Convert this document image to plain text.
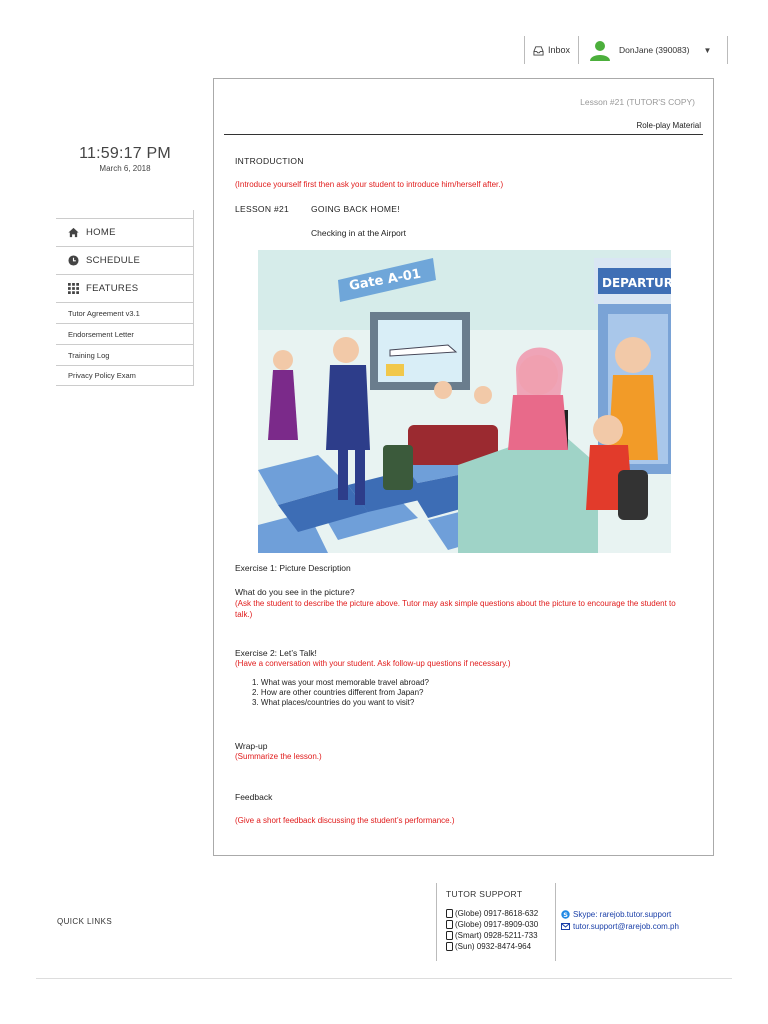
Inbox	DonJane (390083) ▼
11:59:17 PM
March 6, 2018
HOME
SCHEDULE
FEATURES
Tutor Agreement v3.1
Endorsement Letter
Training Log
Privacy Policy Exam
Lesson #21 (TUTOR'S COPY)
Role-play Material
INTRODUCTION
(Introduce yourself first then ask your student to introduce him/herself after.)
LESSON #21	GOING BACK HOME!
Checking in at the Airport
Gate A-01	DEPARTURES
Exercise 1: Picture Description
What do you see in the picture?
(Ask the student to describe the picture above. Tutor may ask simple questions about the picture to encourage the student to talk.)
Exercise 2: Let’s Talk!
(Have a conversation with your student. Ask follow-up questions if necessary.)
1. What was your most memorable travel abroad?
2. How are other countries different from Japan?
3. What places/countries do you want to visit?
Wrap-up
(Summarize the lesson.)
Feedback
(Give a short feedback discussing the student’s performance.)
QUICK LINKS
TUTOR SUPPORT
(Globe) 0917-8618-632
(Globe) 0917-8909-030
(Smart) 0928-5211-733
(Sun) 0932-8474-964
S Skype: rarejob.tutor.support
tutor.support@rarejob.com.ph
